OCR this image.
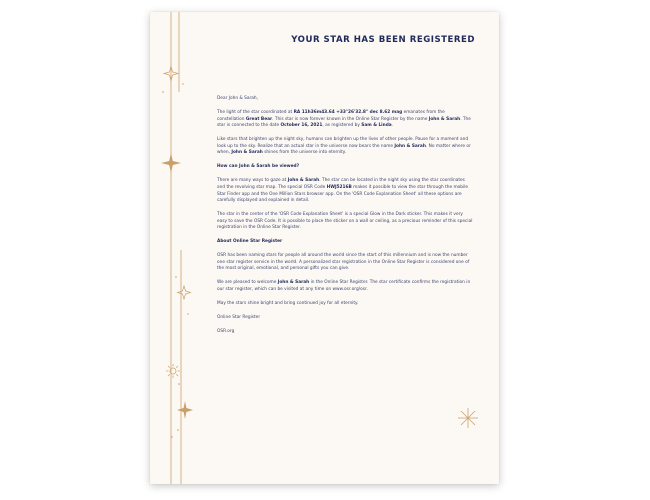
YOUR STAR HAS BEEN REGISTERED

Dear John & Sarah,

The light of the star coordinated at RA 11h36m43.64 +33°26'32.8" dec 8.62 mag emanates from the constellation Great Bear. This star is now forever known in the Online Star Register by the name John & Sarah. The star is connected to the date October 16, 2021, as registered by Sam & Linda.

Like stars that brighten up the night sky, humans can brighten up the lives of other people. Pause for a moment and look up to the sky. Realize that an actual star in the universe now bears the name John & Sarah. No matter where or when, John & Sarah shines from the universe into eternity.

How can John & Sarah be viewed?

There are many ways to gaze at John & Sarah. The star can be located in the night sky using the star coordinates and the revolving star map. The special OSR Code HWJ5216B makes it possible to view the star through the mobile Star Finder app and the One Million Stars browser app. On the 'OSR Code Explanation Sheet' all these options are carefully displayed and explained in detail.

The star in the center of the 'OSR Code Explanation Sheet' is a special Glow in the Dark sticker. This makes it very easy to save the OSR Code. It is possible to place the sticker on a wall or ceiling, as a precious reminder of this special registration in the Online Star Register.

About Online Star Register

OSR has been naming stars for people all around the world since the start of this millennium and is now the number one star register service in the world. A personalized star registration in the Online Star Register is considered one of the most original, emotional, and personal gifts you can give.

We are pleased to welcome John & Sarah in the Online Star Register. The star certificate confirms the registration in our star register, which can be visited at any time on www.osr.org/osr.

May the stars shine bright and bring continued joy for all eternity.

Online Star Register

OSR.org
